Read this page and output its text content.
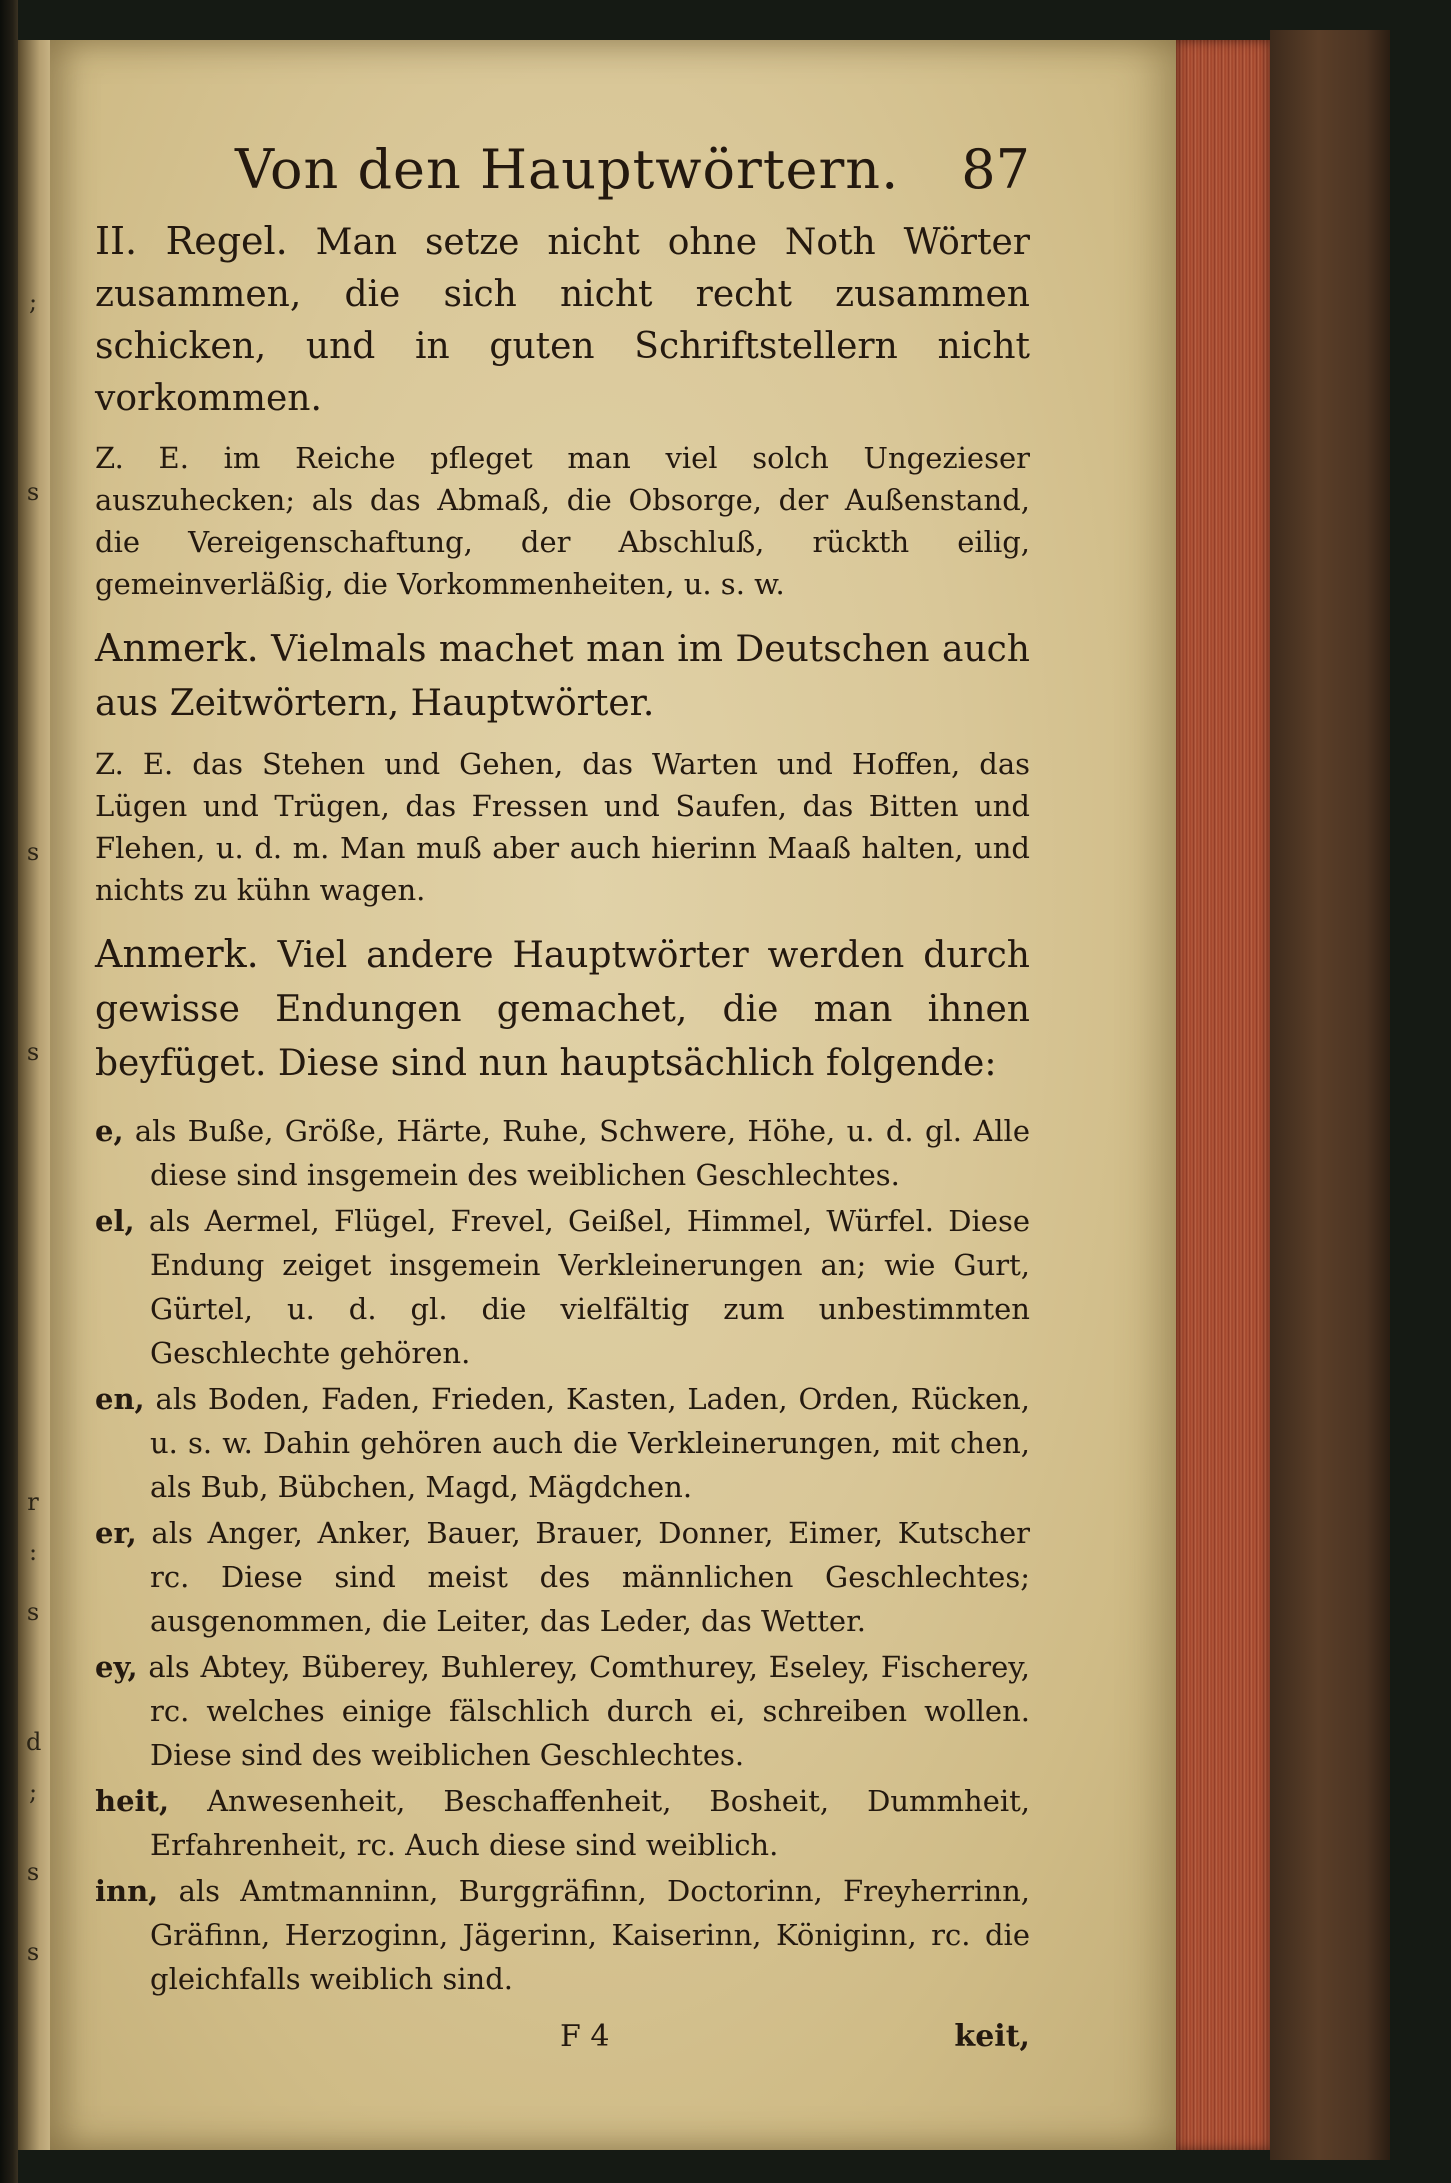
;
s
s
s
r
:
s
d
;
s
s
Von den Hauptwörtern. 87

II. Regel. Man setze nicht ohne Noth Wörter zusammen, die sich nicht recht zusammen schicken, und in guten Schriftstellern nicht vorkommen.

Z. E. im Reiche pfleget man viel solch Ungezieser auszuhecken; als das Abmaß, die Obsorge, der Außenstand, die Vereigenschaftung, der Abschluß, rückth eilig, gemeinverläßig, die Vorkommenheiten, u. s. w.

Anmerk. Vielmals machet man im Deutschen auch aus Zeitwörtern, Hauptwörter.

Z. E. das Stehen und Gehen, das Warten und Hoffen, das Lügen und Trügen, das Fressen und Saufen, das Bitten und Flehen, u. d. m. Man muß aber auch hierinn Maaß halten, und nichts zu kühn wagen.

Anmerk. Viel andere Hauptwörter werden durch gewisse Endungen gemachet, die man ihnen beyfüget. Diese sind nun hauptsächlich folgende:

e, als Buße, Größe, Härte, Ruhe, Schwere, Höhe, u. d. gl. Alle diese sind insgemein des weiblichen Geschlechtes.

el, als Aermel, Flügel, Frevel, Geißel, Himmel, Würfel. Diese Endung zeiget insgemein Verkleinerungen an; wie Gurt, Gürtel, u. d. gl. die vielfältig zum unbestimmten Geschlechte gehören.

en, als Boden, Faden, Frieden, Kasten, Laden, Orden, Rücken, u. s. w. Dahin gehören auch die Verkleinerungen, mit chen, als Bub, Bübchen, Magd, Mägdchen.

er, als Anger, Anker, Bauer, Brauer, Donner, Eimer, Kutscher rc. Diese sind meist des männlichen Geschlechtes; ausgenommen, die Leiter, das Leder, das Wetter.

ey, als Abtey, Büberey, Buhlerey, Comthurey, Eseley, Fischerey, rc. welches einige fälschlich durch ei, schreiben wollen. Diese sind des weiblichen Geschlechtes.

heit, Anwesenheit, Beschaffenheit, Bosheit, Dummheit, Erfahrenheit, rc. Auch diese sind weiblich.

inn, als Amtmanninn, Burggräfinn, Doctorinn, Freyherrinn, Gräfinn, Herzoginn, Jägerinn, Kaiserinn, Königinn, rc. die gleichfalls weiblich sind.

F 4	keit,
